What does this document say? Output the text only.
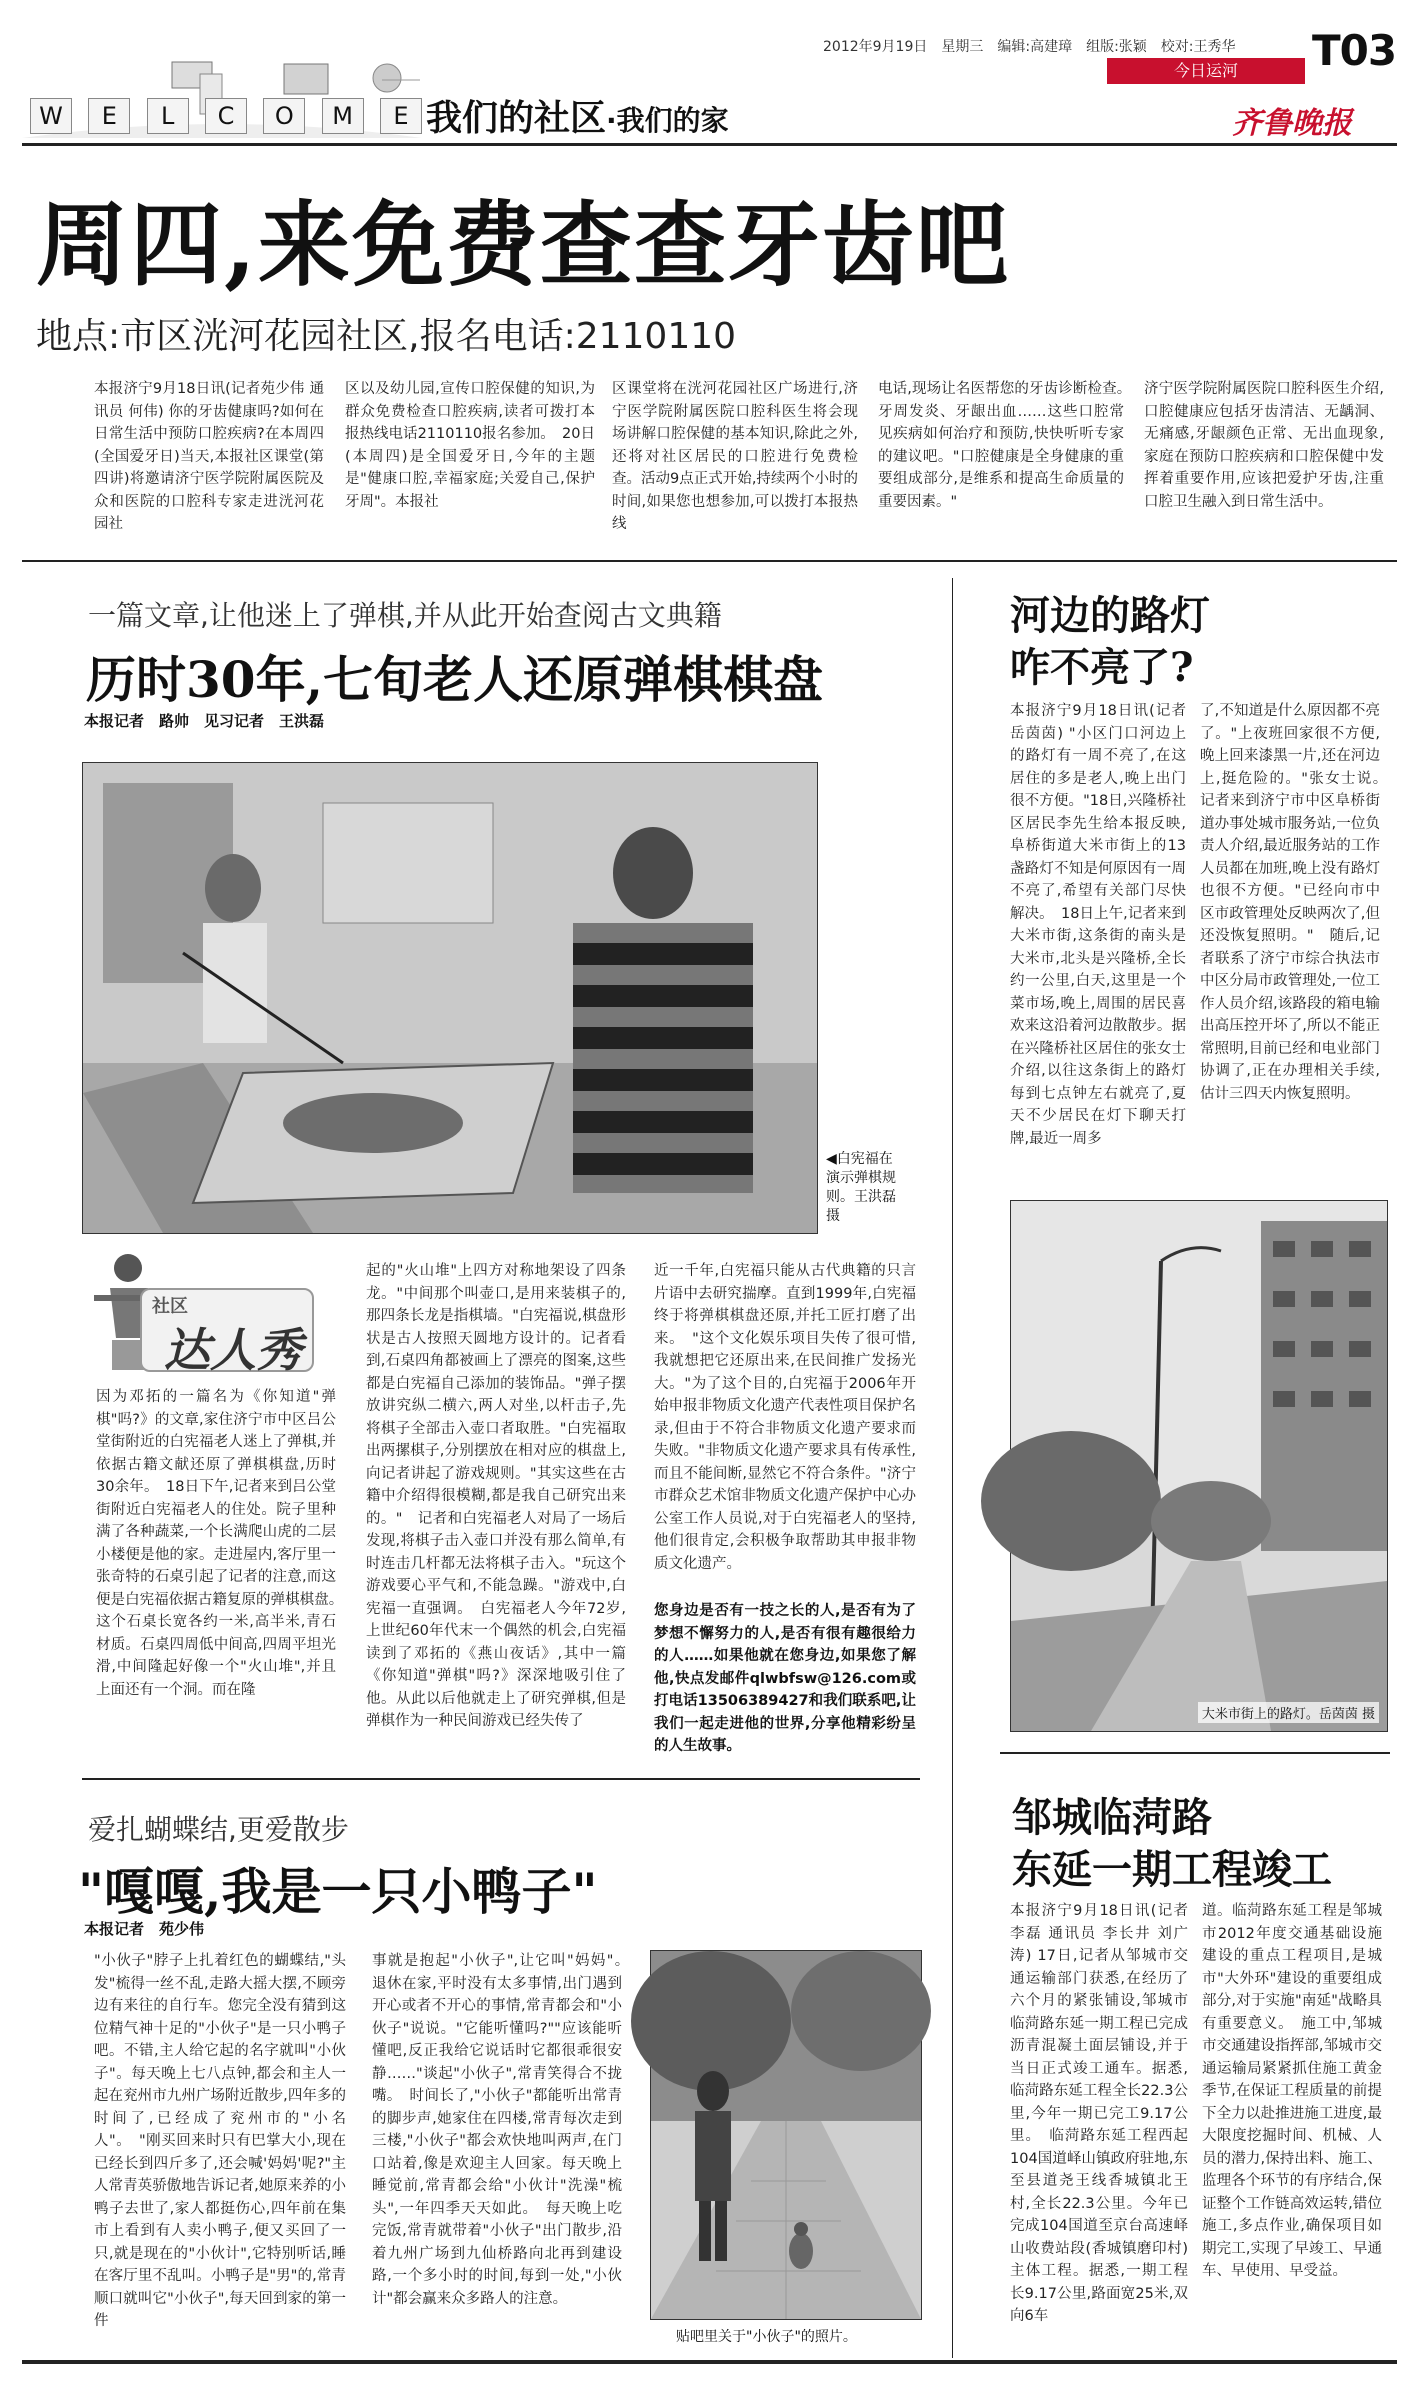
2012年9月19日　星期三　编辑:高建璋　组版:张颖　校对:王秀华 T03
今日运河
齐鲁晚报
W	E	L	C	O	M	E 我们的社区·我们的家
周四,来免费查查牙齿吧
地点:市区洸河花园社区,报名电话:2110110
本报济宁9月18日讯(记者苑少伟 通讯员 何伟) 你的牙齿健康吗?如何在日常生活中预防口腔疾病?在本周四(全国爱牙日)当天,本报社区课堂(第四讲)将邀请济宁医学院附属医院及众和医院的口腔科专家走进洸河花园社
区以及幼儿园,宣传口腔保健的知识,为群众免费检查口腔疾病,读者可拨打本报热线电话2110110报名参加。　20日(本周四)是全国爱牙日,今年的主题是"健康口腔,幸福家庭;关爱自己,保护牙周"。本报社
区课堂将在洸河花园社区广场进行,济宁医学院附属医院口腔科医生将会现场讲解口腔保健的基本知识,除此之外,还将对社区居民的口腔进行免费检查。活动9点正式开始,持续两个小时的时间,如果您也想参加,可以拨打本报热线
电话,现场让名医帮您的牙齿诊断检查。　牙周发炎、牙龈出血……这些口腔常见疾病如何治疗和预防,快快听听专家的建议吧。"口腔健康是全身健康的重要组成部分,是维系和提高生命质量的重要因素。"
济宁医学院附属医院口腔科医生介绍,口腔健康应包括牙齿清洁、无龋洞、无痛感,牙龈颜色正常、无出血现象,家庭在预防口腔疾病和口腔保健中发挥着重要作用,应该把爱护牙齿,注重口腔卫生融入到日常生活中。
一篇文章,让他迷上了弹棋,并从此开始查阅古文典籍
历时30年,七旬老人还原弹棋棋盘
本报记者　路帅　见习记者　王洪磊
◀白宪福在演示弹棋规则。王洪磊摄
社区
达人秀
因为邓拓的一篇名为《你知道"弹棋"吗?》的文章,家住济宁市中区吕公堂街附近的白宪福老人迷上了弹棋,并依据古籍文献还原了弹棋棋盘,历时30余年。　18日下午,记者来到吕公堂街附近白宪福老人的住处。院子里种满了各种蔬菜,一个长满爬山虎的二层小楼便是他的家。走进屋内,客厅里一张奇特的石桌引起了记者的注意,而这便是白宪福依据古籍复原的弹棋棋盘。　这个石桌长宽各约一米,高半米,青石材质。石桌四周低中间高,四周平坦光滑,中间隆起好像一个"火山堆",并且上面还有一个洞。而在隆
起的"火山堆"上四方对称地架设了四条龙。"中间那个叫壶口,是用来装棋子的,那四条长龙是指棋墙。"白宪福说,棋盘形状是古人按照天圆地方设计的。记者看到,石桌四角都被画上了漂亮的图案,这些都是白宪福自己添加的装饰品。"弹子摆放讲究纵二横六,两人对坐,以杆击子,先将棋子全部击入壶口者取胜。"白宪福取出两摞棋子,分别摆放在相对应的棋盘上,向记者讲起了游戏规则。"其实这些在古籍中介绍得很模糊,都是我自己研究出来的。"　记者和白宪福老人对局了一场后发现,将棋子击入壶口并没有那么简单,有时连击几杆都无法将棋子击入。"玩这个游戏要心平气和,不能急躁。"游戏中,白宪福一直强调。　白宪福老人今年72岁,上世纪60年代末一个偶然的机会,白宪福读到了邓拓的《燕山夜话》,其中一篇《你知道"弹棋"吗?》深深地吸引住了他。从此以后他就走上了研究弹棋,但是弹棋作为一种民间游戏已经失传了
近一千年,白宪福只能从古代典籍的只言片语中去研究揣摩。直到1999年,白宪福终于将弹棋棋盘还原,并托工匠打磨了出来。　"这个文化娱乐项目失传了很可惜,我就想把它还原出来,在民间推广发扬光大。"为了这个目的,白宪福于2006年开始申报非物质文化遗产代表性项目保护名录,但由于不符合非物质文化遗产要求而失败。"非物质文化遗产要求具有传承性,而且不能间断,显然它不符合条件。"济宁市群众艺术馆非物质文化遗产保护中心办公室工作人员说,对于白宪福老人的坚持,他们很肯定,会积极争取帮助其申报非物质文化遗产。
您身边是否有一技之长的人,是否有为了梦想不懈努力的人,是否有很有趣很给力的人……如果他就在您身边,如果您了解他,快点发邮件qlwbfsw@126.com或打电话13506389427和我们联系吧,让我们一起走进他的世界,分享他精彩纷呈的人生故事。
河边的路灯
咋不亮了?
本报济宁9月18日讯(记者 岳茵茵) "小区门口河边上的路灯有一周不亮了,在这居住的多是老人,晚上出门很不方便。"18日,兴隆桥社区居民李先生给本报反映,阜桥街道大米市街上的13盏路灯不知是何原因有一周不亮了,希望有关部门尽快解决。　18日上午,记者来到大米市街,这条街的南头是大米市,北头是兴隆桥,全长约一公里,白天,这里是一个菜市场,晚上,周围的居民喜欢来这沿着河边散散步。据在兴隆桥社区居住的张女士介绍,以往这条街上的路灯每到七点钟左右就亮了,夏天不少居民在灯下聊天打牌,最近一周多
了,不知道是什么原因都不亮了。"上夜班回家很不方便,晚上回来漆黑一片,还在河边上,挺危险的。"张女士说。　记者来到济宁市中区阜桥街道办事处城市服务站,一位负责人介绍,最近服务站的工作人员都在加班,晚上没有路灯也很不方便。"已经向市中区市政管理处反映两次了,但还没恢复照明。"　随后,记者联系了济宁市综合执法市中区分局市政管理处,一位工作人员介绍,该路段的箱电输出高压控开坏了,所以不能正常照明,目前已经和电业部门协调了,正在办理相关手续,估计三四天内恢复照明。
大米市街上的路灯。岳茵茵 摄
邹城临菏路
东延一期工程竣工
本报济宁9月18日讯(记者 李磊 通讯员 李长井 刘广涛) 17日,记者从邹城市交通运输部门获悉,在经历了六个月的紧张铺设,邹城市临菏路东延一期工程已完成沥青混凝土面层铺设,并于当日正式竣工通车。据悉,临菏路东延工程全长22.3公里,今年一期已完工9.17公里。　临菏路东延工程西起104国道峄山镇政府驻地,东至县道尧王线香城镇北王村,全长22.3公里。今年已完成104国道至京台高速峄山收费站段(香城镇磨印村)主体工程。据悉,一期工程长9.17公里,路面宽25米,双向6车
道。临菏路东延工程是邹城市2012年度交通基础设施建设的重点工程项目,是城市"大外环"建设的重要组成部分,对于实施"南延"战略具有重要意义。　施工中,邹城市交通建设指挥部,邹城市交通运输局紧紧抓住施工黄金季节,在保证工程质量的前提下全力以赴推进施工进度,最大限度挖掘时间、机械、人员的潜力,保持出料、施工、监理各个环节的有序结合,保证整个工作链高效运转,错位施工,多点作业,确保项目如期完工,实现了早竣工、早通车、早使用、早受益。
爱扎蝴蝶结,更爱散步
"嘎嘎,我是一只小鸭子"
本报记者　苑少伟
"小伙子"脖子上扎着红色的蝴蝶结,"头发"梳得一丝不乱,走路大摇大摆,不顾旁边有来往的自行车。您完全没有猜到这位精气神十足的"小伙子"是一只小鸭子吧。不错,主人给它起的名字就叫"小伙子"。每天晚上七八点钟,都会和主人一起在兖州市九州广场附近散步,四年多的时间了,已经成了兖州市的"小名人"。　"刚买回来时只有巴掌大小,现在已经长到四斤多了,还会喊'妈妈'呢?"主人常青英骄傲地告诉记者,她原来养的小鸭子去世了,家人都挺伤心,四年前在集市上看到有人卖小鸭子,便又买回了一只,就是现在的"小伙计",它特别听话,睡在客厅里不乱叫。小鸭子是"男"的,常青顺口就叫它"小伙子",每天回到家的第一件
事就是抱起"小伙子",让它叫"妈妈"。　退休在家,平时没有太多事情,出门遇到开心或者不开心的事情,常青都会和"小伙子"说说。"它能听懂吗?""应该能听懂吧,反正我给它说话时它都很乖很安静……"谈起"小伙子",常青笑得合不拢嘴。　时间长了,"小伙子"都能听出常青的脚步声,她家住在四楼,常青每次走到三楼,"小伙子"都会欢快地叫两声,在门口站着,像是欢迎主人回家。每天晚上睡觉前,常青都会给"小伙计"洗澡"梳头",一年四季天天如此。　每天晚上吃完饭,常青就带着"小伙子"出门散步,沿着九州广场到九仙桥路向北再到建设路,一个多小时的时间,每到一处,"小伙计"都会赢来众多路人的注意。
贴吧里关于"小伙子"的照片。
